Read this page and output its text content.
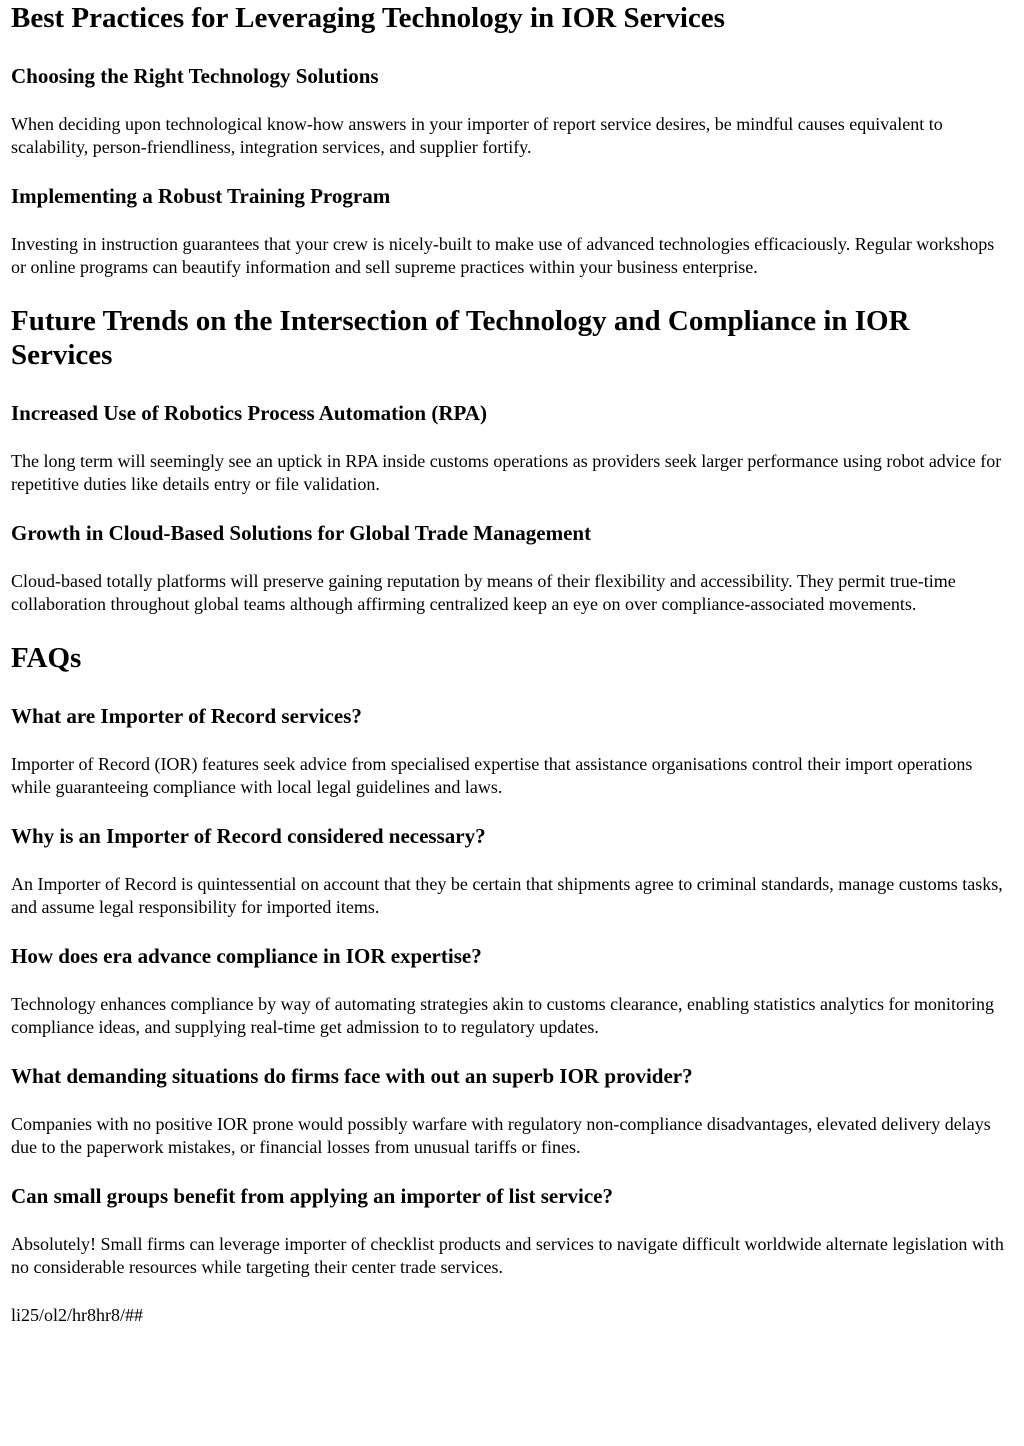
Best Practices for Leveraging Technology in IOR Services
Choosing the Right Technology Solutions

When deciding upon technological know-how answers in your importer of report service desires, be mindful causes equivalent to scalability, person-friendliness, integration services, and supplier fortify.

Implementing a Robust Training Program

Investing in instruction guarantees that your crew is nicely-built to make use of advanced technologies efficaciously. Regular workshops or online programs can beautify information and sell supreme practices within your business enterprise.

Future Trends on the Intersection of Technology and Compliance in IOR Services
Increased Use of Robotics Process Automation (RPA)

The long term will seemingly see an uptick in RPA inside customs operations as providers seek larger performance using robot advice for repetitive duties like details entry or file validation.

Growth in Cloud-Based Solutions for Global Trade Management

Cloud-based totally platforms will preserve gaining reputation by means of their flexibility and accessibility. They permit true-time collaboration throughout global teams although affirming centralized keep an eye on over compliance-associated movements.

FAQs
What are Importer of Record services?

Importer of Record (IOR) features seek advice from specialised expertise that assistance organisations control their import operations while guaranteeing compliance with local legal guidelines and laws.

Why is an Importer of Record considered necessary?

An Importer of Record is quintessential on account that they be certain that shipments agree to criminal standards, manage customs tasks, and assume legal responsibility for imported items.

How does era advance compliance in IOR expertise?

Technology enhances compliance by way of automating strategies akin to customs clearance, enabling statistics analytics for monitoring compliance ideas, and supplying real-time get admission to to regulatory updates.

What demanding situations do firms face with out an superb IOR provider?

Companies with no positive IOR prone would possibly warfare with regulatory non-compliance disadvantages, elevated delivery delays due to the paperwork mistakes, or financial losses from unusual tariffs or fines.

Can small groups benefit from applying an importer of list service?

Absolutely! Small firms can leverage importer of checklist products and services to navigate difficult worldwide alternate legislation with no considerable resources while targeting their center trade services.

li25/ol2/hr8hr8/##
